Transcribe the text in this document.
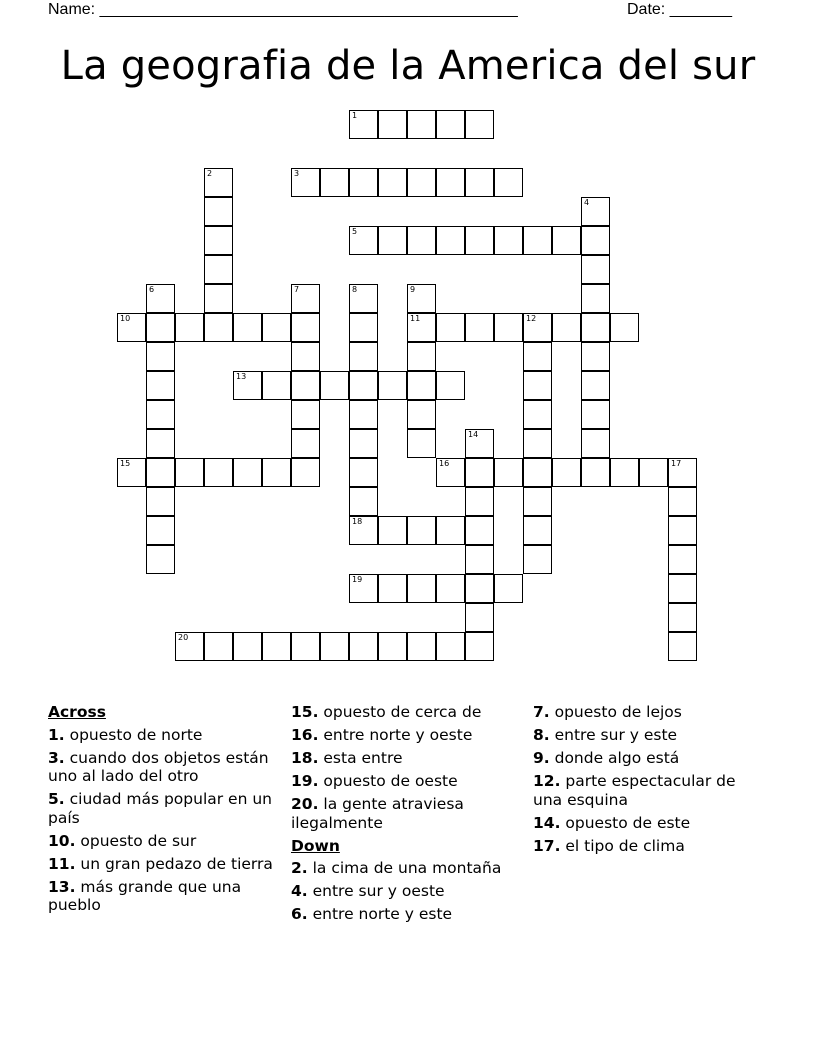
Name: _______________________________________________	Date: _______
La geografia de la America del sur
1
2	3
4
5
6	7	8
18
9
11
10	12
13
14
15	16	17
19
20
Across
1. opuesto de norte
3. cuando dos objetos están uno al lado del otro
5. ciudad más popular en un país
10. opuesto de sur
11. un gran pedazo de tierra
13. más grande que una pueblo
15. opuesto de cerca de
16. entre norte y oeste
18. esta entre
19. opuesto de oeste
20. la gente atraviesa ilegalmente
Down
2. la cima de una montaña
4. entre sur y oeste
6. entre norte y este
7. opuesto de lejos
8. entre sur y este
9. donde algo está
12. parte espectacular de una esquina
14. opuesto de este
17. el tipo de clima
